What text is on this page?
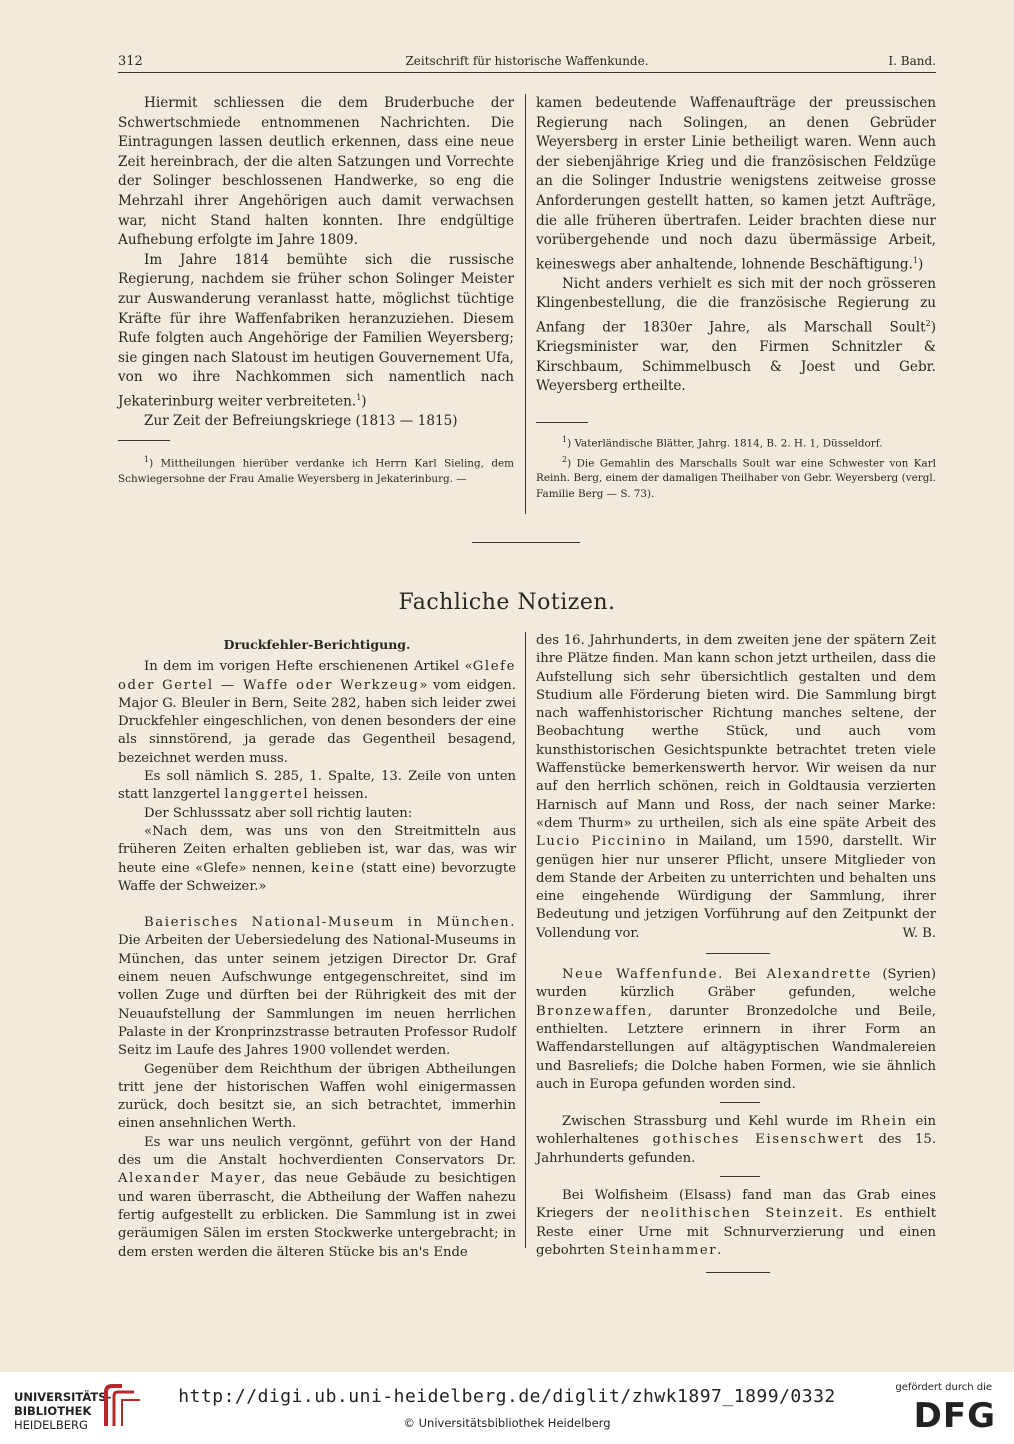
312	Zeitschrift für historische Waffenkunde.	I. Band.

Hiermit schliessen die dem Bruderbuche der Schwertschmiede entnommenen Nachrichten. Die Eintragungen lassen deutlich erkennen, dass eine neue Zeit hereinbrach, der die alten Satzungen und Vorrechte der Solinger beschlossenen Handwerke, so eng die Mehrzahl ihrer Angehörigen auch damit verwachsen war, nicht Stand halten konnten. Ihre endgültige Aufhebung erfolgte im Jahre 1809.

Im Jahre 1814 bemühte sich die russische Regierung, nachdem sie früher schon Solinger Meister zur Auswanderung veranlasst hatte, möglichst tüchtige Kräfte für ihre Waffenfabriken heranzuziehen. Diesem Rufe folgten auch Angehörige der Familien Weyersberg; sie gingen nach Slatoust im heutigen Gouvernement Ufa, von wo ihre Nachkommen sich namentlich nach Jekaterinburg weiter verbreiteten.$^1$)

Zur Zeit der Befreiungskriege (1813 — 1815)

kamen bedeutende Waffenaufträge der preussischen Regierung nach Solingen, an denen Gebrüder Weyersberg in erster Linie betheiligt waren. Wenn auch der siebenjährige Krieg und die französischen Feldzüge an die Solinger Industrie wenigstens zeitweise grosse Anforderungen gestellt hatten, so kamen jetzt Aufträge, die alle früheren übertrafen. Leider brachten diese nur vorübergehende und noch dazu übermässige Arbeit, keineswegs aber anhaltende, lohnende Beschäftigung.$^1$)

Nicht anders verhielt es sich mit der noch grösseren Klingenbestellung, die die französische Regierung zu Anfang der 1830er Jahre, als Marschall Soult$^2$) Kriegsminister war, den Firmen Schnitzler & Kirschbaum, Schimmelbusch & Joest und Gebr. Weyersberg ertheilte.

$^1$) Mittheilungen hierüber verdanke ich Herrn Karl Sieling, dem Schwiegersohne der Frau Amalie Weyersberg in Jekaterinburg. —

$^1$) Vaterländische Blätter, Jahrg. 1814, B. 2. H. 1, Düsseldorf.

$^2$) Die Gemahlin des Marschalls Soult war eine Schwester von Karl Reinh. Berg, einem der damaligen Theilhaber von Gebr. Weyersberg (vergl. Familie Berg — S. 73).

Fachliche Notizen.

Druckfehler-Berichtigung.

In dem im vorigen Hefte erschienenen Artikel «Glefe oder Gertel — Waffe oder Werkzeug» vom eidgen. Major G. Bleuler in Bern, Seite 282, haben sich leider zwei Druckfehler eingeschlichen, von denen besonders der eine als sinnstörend, ja gerade das Gegentheil besagend, bezeichnet werden muss.

Es soll nämlich S. 285, 1. Spalte, 13. Zeile von unten statt lanzgertel langgertel heissen.

Der Schlusssatz aber soll richtig lauten:

«Nach dem, was uns von den Streitmitteln aus früheren Zeiten erhalten geblieben ist, war das, was wir heute eine «Glefe» nennen, keine (statt eine) bevorzugte Waffe der Schweizer.»

Baierisches National-Museum in München. Die Arbeiten der Uebersiedelung des National-Museums in München, das unter seinem jetzigen Director Dr. Graf einem neuen Aufschwunge entgegenschreitet, sind im vollen Zuge und dürften bei der Rührigkeit des mit der Neuaufstellung der Sammlungen im neuen herrlichen Palaste in der Kronprinzstrasse betrauten Professor Rudolf Seitz im Laufe des Jahres 1900 vollendet werden.

Gegenüber dem Reichthum der übrigen Abtheilungen tritt jene der historischen Waffen wohl einigermassen zurück, doch besitzt sie, an sich betrachtet, immerhin einen ansehnlichen Werth.

Es war uns neulich vergönnt, geführt von der Hand des um die Anstalt hochverdienten Conservators Dr. Alexander Mayer, das neue Gebäude zu besichtigen und waren überrascht, die Abtheilung der Waffen nahezu fertig aufgestellt zu erblicken. Die Sammlung ist in zwei geräumigen Sälen im ersten Stockwerke untergebracht; in dem ersten werden die älteren Stücke bis an's Ende

des 16. Jahrhunderts, in dem zweiten jene der spätern Zeit ihre Plätze finden. Man kann schon jetzt urtheilen, dass die Aufstellung sich sehr übersichtlich gestalten und dem Studium alle Förderung bieten wird. Die Sammlung birgt nach waffenhistorischer Richtung manches seltene, der Beobachtung werthe Stück, und auch vom kunsthistorischen Gesichtspunkte betrachtet treten viele Waffenstücke bemerkenswerth hervor. Wir weisen da nur auf den herrlich schönen, reich in Goldtausia verzierten Harnisch auf Mann und Ross, der nach seiner Marke: «dem Thurm» zu urtheilen, sich als eine späte Arbeit des Lucio Piccinino in Mailand, um 1590, darstellt. Wir genügen hier nur unserer Pflicht, unsere Mitglieder von dem Stande der Arbeiten zu unterrichten und behalten uns eine eingehende Würdigung der Sammlung, ihrer Bedeutung und jetzigen Vorführung auf den Zeitpunkt der Vollendung vor.	W. B.

Neue Waffenfunde. Bei Alexandrette (Syrien) wurden kürzlich Gräber gefunden, welche Bronzewaffen, darunter Bronzedolche und Beile, enthielten. Letztere erinnern in ihrer Form an Waffendarstellungen auf altägyptischen Wandmalereien und Basreliefs; die Dolche haben Formen, wie sie ähnlich auch in Europa gefunden worden sind.

Zwischen Strassburg und Kehl wurde im Rhein ein wohlerhaltenes gothisches Eisenschwert des 15. Jahrhunderts gefunden.

Bei Wolfisheim (Elsass) fand man das Grab eines Kriegers der neolithischen Steinzeit. Es enthielt Reste einer Urne mit Schnurverzierung und einen gebohrten Steinhammer.

UNIVERSITÄTS-
BIBLIOTHEK
HEIDELBERG
http://digi.ub.uni-heidelberg.de/diglit/zhwk1897_1899/0332
© Universitätsbibliothek Heidelberg
gefördert durch die
DFG
